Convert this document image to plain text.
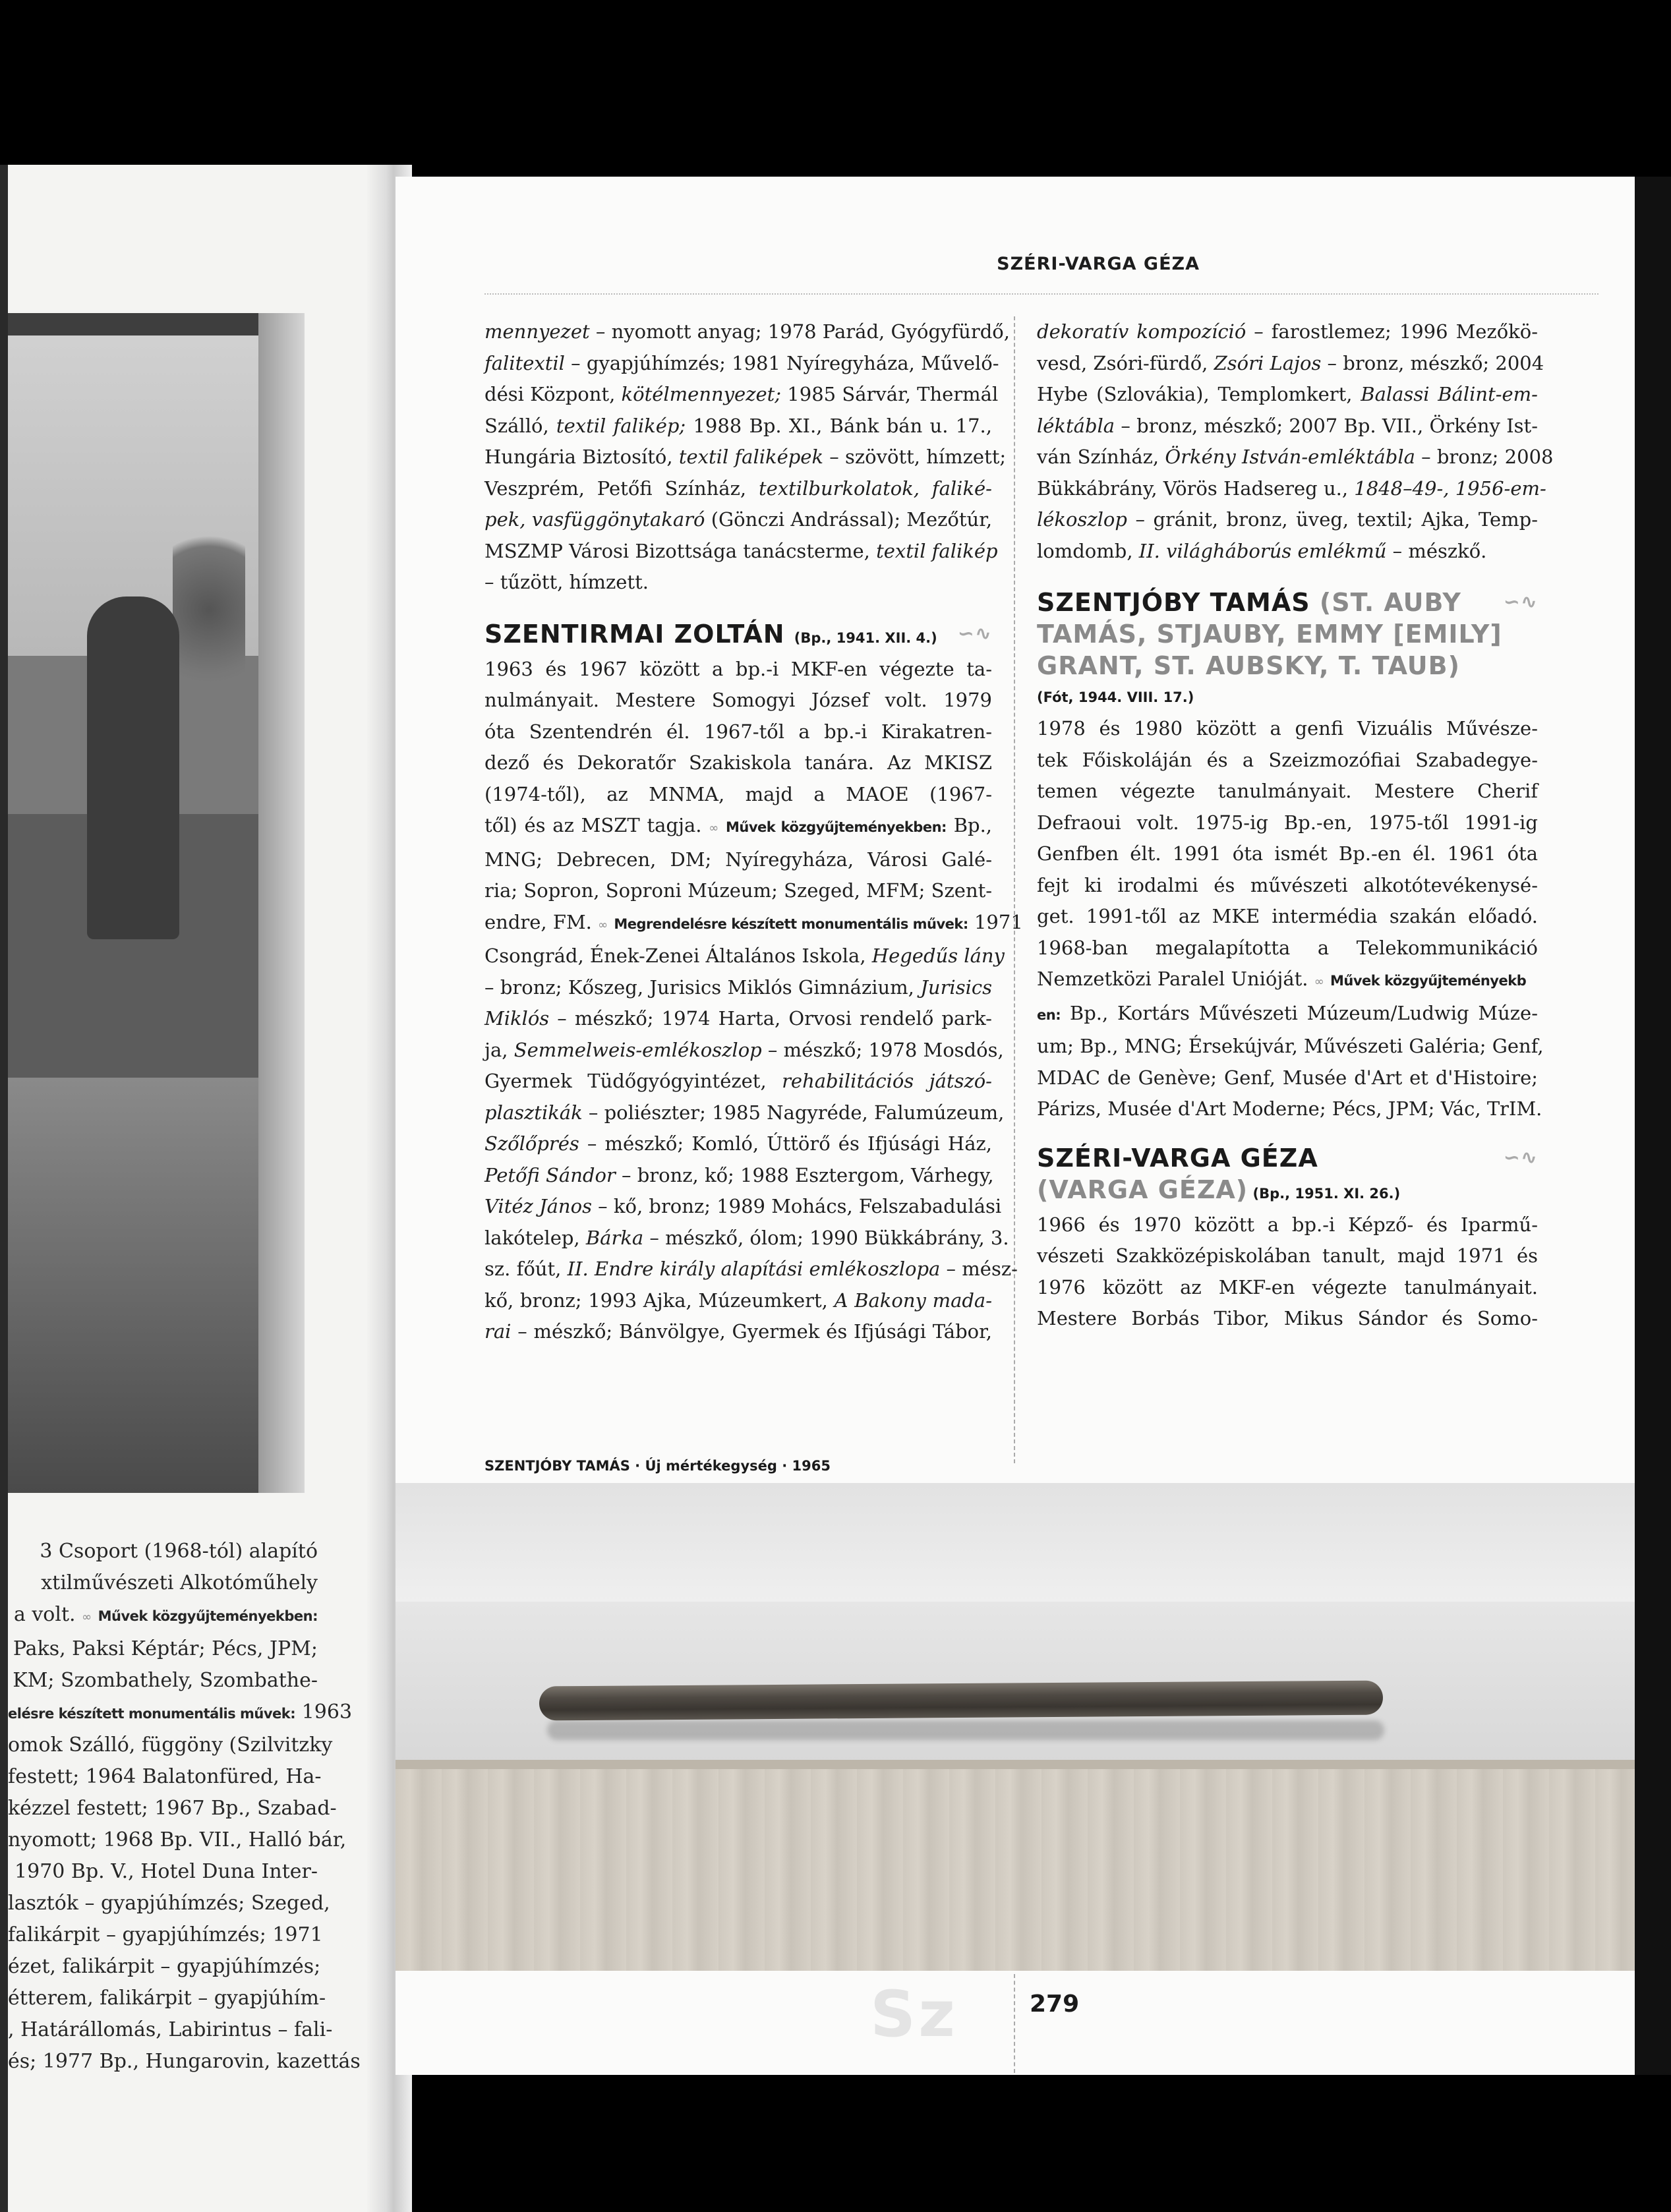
3 Csoport (1968-tól) alapító
xtilművészeti Alkotóműhely
a volt. ∞ Művek közgyűjteményekben:
Paks, Paksi Képtár; Pécs, JPM;
KM; Szombathely, Szombathe-
elésre készített monumentális művek: 1963
omok Szálló, függöny (Szilvitzky
festett; 1964 Balatonfüred, Ha-
kézzel festett; 1967 Bp., Szabad-
nyomott; 1968 Bp. VII., Halló bár,
1970 Bp. V., Hotel Duna Inter-
lasztók – gyapjúhímzés; Szeged,
falikárpit – gyapjúhímzés; 1971
ézet, falikárpit – gyapjúhímzés;
étterem, falikárpit – gyapjúhím-
, Határállomás, Labirintus – fali-
és; 1977 Bp., Hungarovin, kazettás
SZÉRI-VARGA GÉZA
mennyezet – nyomott anyag; 1978 Parád, Gyógyfürdő,
falitextil – gyapjúhímzés; 1981 Nyíregyháza, Művelő-
dési Központ, kötélmennyezet; 1985 Sárvár, Thermál
Szálló, textil falikép; 1988 Bp. XI., Bánk bán u. 17.,
Hungária Biztosító, textil faliképek – szövött, hímzett;
Veszprém, Petőfi Színház, textilburkolatok, faliké-
pek, vasfüggönytakaró (Gönczi Andrással); Mezőtúr,
MSZMP Városi Bizottsága tanácsterme, textil falikép
– tűzött, hímzett.
SZENTIRMAI ZOLTÁN (Bp., 1941. XII. 4.) ∽∿
1963 és 1967 között a bp.-i MKF-en végezte ta-
nulmányait. Mestere Somogyi József volt. 1979
óta Szentendrén él. 1967-től a bp.-i Kirakatren-
dező és Dekoratőr Szakiskola tanára. Az MKISZ
(1974-től), az MNMA, majd a MAOE (1967-
től) és az MSZT tagja. ∞ Művek közgyűjteményekben: Bp.,
MNG; Debrecen, DM; Nyíregyháza, Városi Galé-
ria; Sopron, Soproni Múzeum; Szeged, MFM; Szent-
endre, FM. ∞ Megrendelésre készített monumentális művek: 1971
Csongrád, Ének-Zenei Általános Iskola, Hegedűs lány
– bronz; Kőszeg, Jurisics Miklós Gimnázium, Jurisics
Miklós – mészkő; 1974 Harta, Orvosi rendelő park-
ja, Semmelweis-emlékoszlop – mészkő; 1978 Mosdós,
Gyermek Tüdőgyógyintézet, rehabilitációs játszó-
plasztikák – poliészter; 1985 Nagyréde, Falumúzeum,
Szőlőprés – mészkő; Komló, Úttörő és Ifjúsági Ház,
Petőfi Sándor – bronz, kő; 1988 Esztergom, Várhegy,
Vitéz János – kő, bronz; 1989 Mohács, Felszabadulási
lakótelep, Bárka – mészkő, ólom; 1990 Bükkábrány, 3.
sz. főút, II. Endre király alapítási emlékoszlopa – mész-
kő, bronz; 1993 Ajka, Múzeumkert, A Bakony mada-
rai – mészkő; Bánvölgye, Gyermek és Ifjúsági Tábor,
dekoratív kompozíció – farostlemez; 1996 Mezőkö-
vesd, Zsóri-fürdő, Zsóri Lajos – bronz, mészkő; 2004
Hybe (Szlovákia), Templomkert, Balassi Bálint-em-
léktábla – bronz, mészkő; 2007 Bp. VII., Örkény Ist-
ván Színház, Örkény István-emléktábla – bronz; 2008
Bükkábrány, Vörös Hadsereg u., 1848–49-, 1956-em-
lékoszlop – gránit, bronz, üveg, textil; Ajka, Temp-
lomdomb, II. világháborús emlékmű – mészkő.
SZENTJÓBY TAMÁS (ST. AUBY
TAMÁS, STJAUBY, EMMY [EMILY]
GRANT, ST. AUBSKY, T. TAUB)
(Fót, 1944. VIII. 17.)
∽∿
1978 és 1980 között a genfi Vizuális Művésze-
tek Főiskoláján és a Szeizmozófiai Szabadegye-
temen végezte tanulmányait. Mestere Cherif
Defraoui volt. 1975-ig Bp.-en, 1975-től 1991-ig
Genfben élt. 1991 óta ismét Bp.-en él. 1961 óta
fejt ki irodalmi és művészeti alkotótevékenysé-
get. 1991-től az MKE intermédia szakán előadó.
1968-ban megalapította a Telekommunikáció
Nemzetközi Paralel Unióját. ∞ Művek közgyűjteményekb
en: Bp., Kortárs Művészeti Múzeum/Ludwig Múze-
um; Bp., MNG; Érsekújvár, Művészeti Galéria; Genf,
MDAC de Genève; Genf, Musée d'Art et d'Histoire;
Párizs, Musée d'Art Moderne; Pécs, JPM; Vác, TrIM.
SZÉRI-VARGA GÉZA
(VARGA GÉZA) (Bp., 1951. XI. 26.)
∽∿
1966 és 1970 között a bp.-i Képző- és Iparmű-
vészeti Szakközépiskolában tanult, majd 1971 és
1976 között az MKF-en végezte tanulmányait.
Mestere Borbás Tibor, Mikus Sándor és Somo-
SZENTJÓBY TAMÁS · Új mértékegység · 1965
Sz	279
